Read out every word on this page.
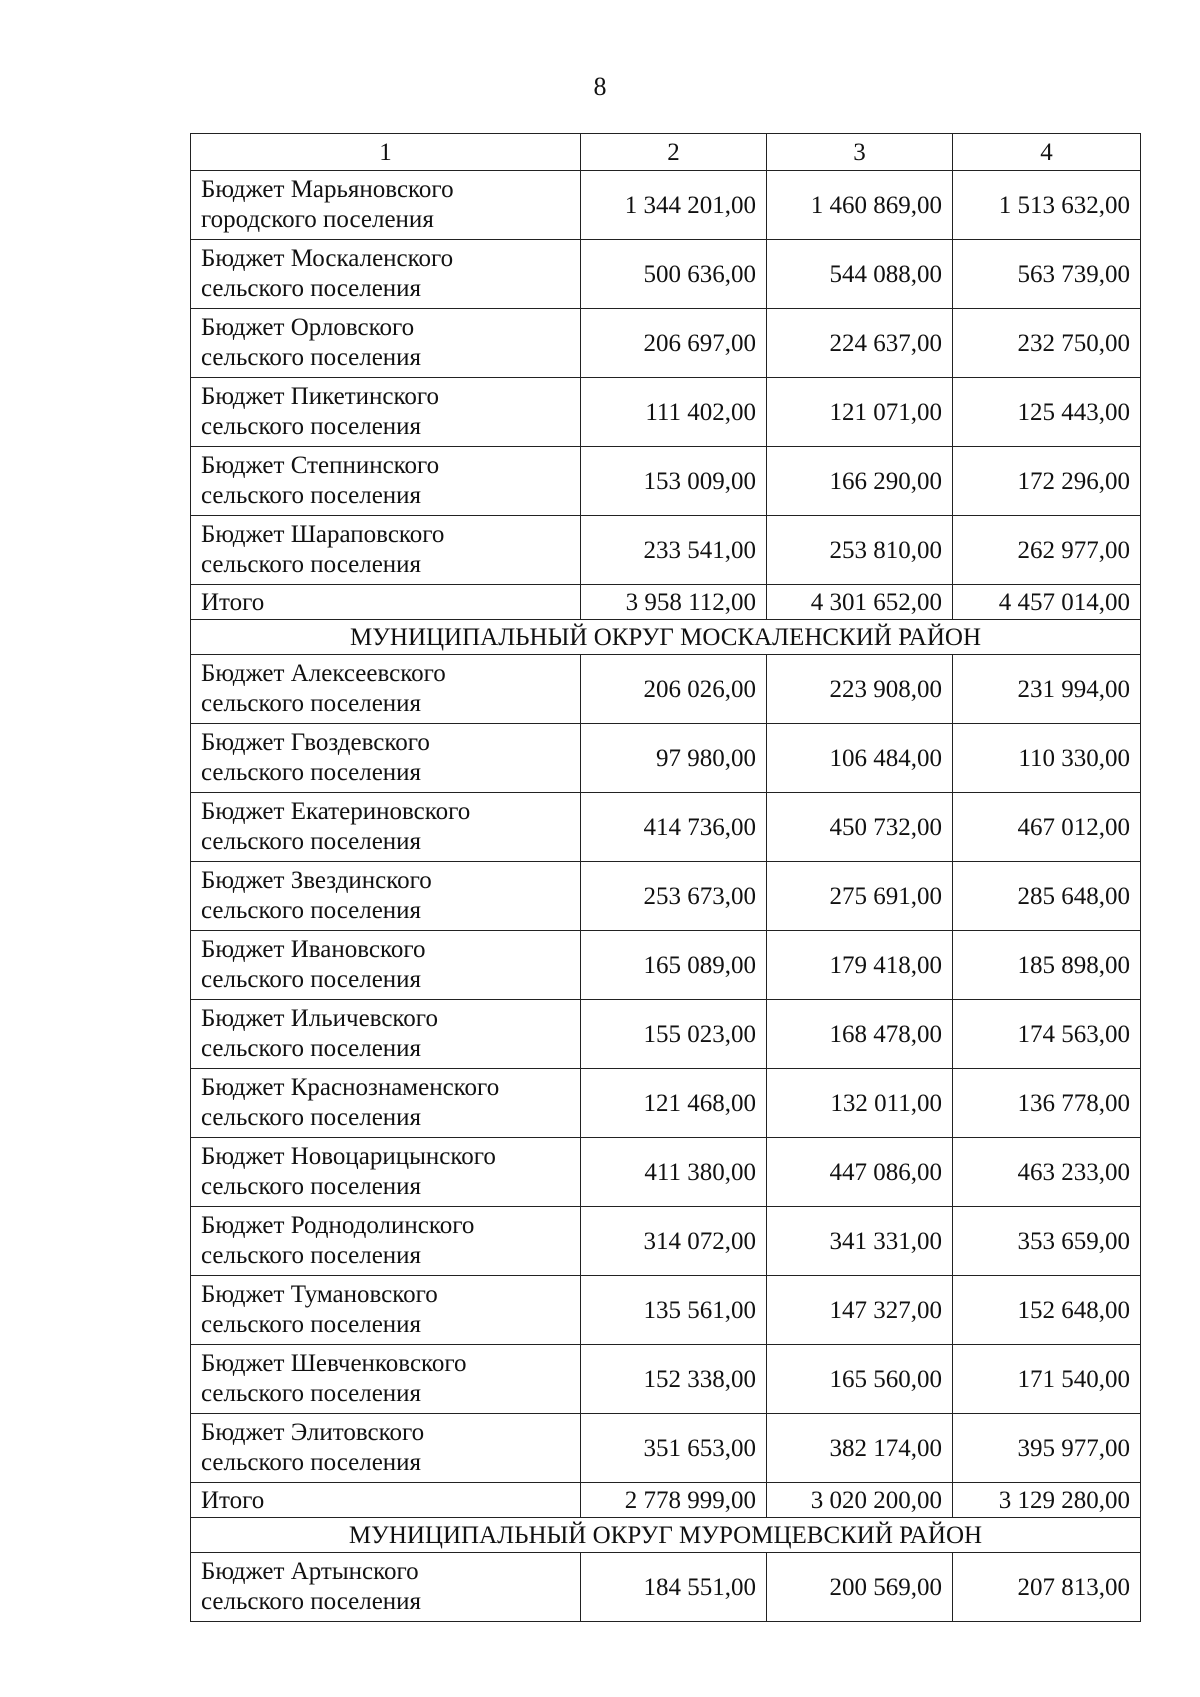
8
1	2	3	4

Бюджет Марьяновского
городского поселения	1 344 201,00	1 460 869,00	1 513 632,00

Бюджет Москаленского
сельского поселения	500 636,00	544 088,00	563 739,00

Бюджет Орловского
сельского поселения	206 697,00	224 637,00	232 750,00

Бюджет Пикетинского
сельского поселения	111 402,00	121 071,00	125 443,00

Бюджет Степнинского
сельского поселения	153 009,00	166 290,00	172 296,00

Бюджет Шараповского
сельского поселения	233 541,00	253 810,00	262 977,00
Итого	3 958 112,00	4 301 652,00	4 457 014,00
МУНИЦИПАЛЬНЫЙ ОКРУГ МОСКАЛЕНСКИЙ РАЙОН			

Бюджет Алексеевского
сельского поселения	206 026,00	223 908,00	231 994,00

Бюджет Гвоздевского
сельского поселения	97 980,00	106 484,00	110 330,00

Бюджет Екатериновского
сельского поселения	414 736,00	450 732,00	467 012,00

Бюджет Звездинского
сельского поселения	253 673,00	275 691,00	285 648,00

Бюджет Ивановского
сельского поселения	165 089,00	179 418,00	185 898,00

Бюджет Ильичевского
сельского поселения	155 023,00	168 478,00	174 563,00

Бюджет Краснознаменского
сельского поселения	121 468,00	132 011,00	136 778,00

Бюджет Новоцарицынского
сельского поселения	411 380,00	447 086,00	463 233,00

Бюджет Роднодолинского
сельского поселения	314 072,00	341 331,00	353 659,00

Бюджет Тумановского
сельского поселения	135 561,00	147 327,00	152 648,00

Бюджет Шевченковского
сельского поселения	152 338,00	165 560,00	171 540,00

Бюджет Элитовского
сельского поселения	351 653,00	382 174,00	395 977,00
Итого	2 778 999,00	3 020 200,00	3 129 280,00
МУНИЦИПАЛЬНЫЙ ОКРУГ МУРОМЦЕВСКИЙ РАЙОН			

Бюджет Артынского
сельского поселения	184 551,00	200 569,00	207 813,00
